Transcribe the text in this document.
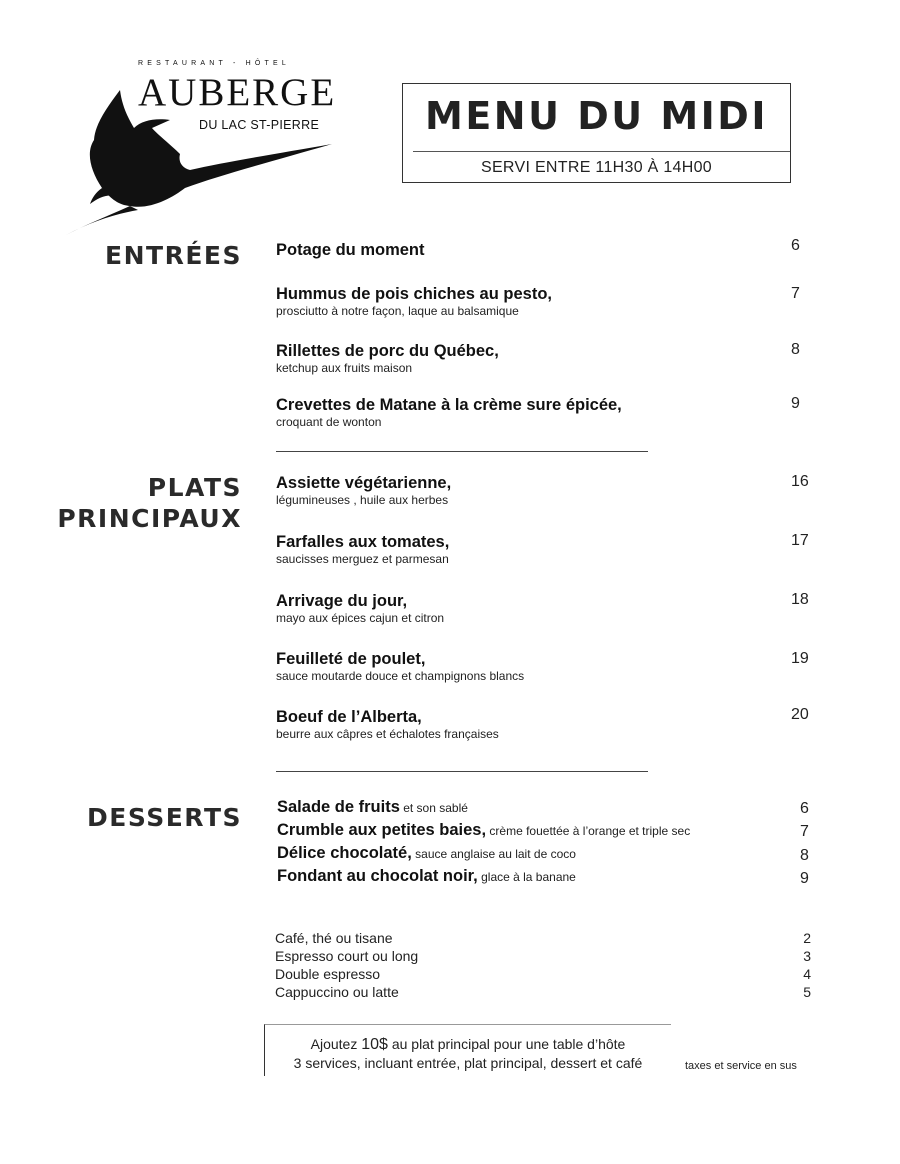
RESTAURANT - HÔTEL
AUBERGE
DU LAC ST-PIERRE	MENU DU MIDI
SERVI ENTRE 11H30 À 14H00
ENTRÉES Potage du moment	6
Hummus de pois chiches au pesto,
prosciutto à notre façon, laque au balsamique
7
Rillettes de porc du Québec,
ketchup aux fruits maison
8
Crevettes de Matane à la crème sure épicée,
croquant de wonton
9
PLATS
PRINCIPAUX
Assiette végétarienne,
légumineuses , huile aux herbes
16
Farfalles aux tomates,
saucisses merguez et parmesan
17
Arrivage du jour,
mayo aux épices cajun et citron
18
Feuilleté de poulet,
sauce moutarde douce et champignons blancs
19
Boeuf de l’Alberta,
beurre aux câpres et échalotes françaises
20
DESSERTS Salade de fruits et son sablé	6
Crumble aux petites baies, crème fouettée à l’orange et triple sec	7
Délice chocolaté, sauce anglaise au lait de coco	8
Fondant au chocolat noir, glace à la banane	9
Café, thé ou tisane	2
Espresso court ou long	3
Double espresso	4
Cappuccino ou latte	5
Ajoutez 10$ au plat principal pour une table d’hôte
3 services, incluant entrée, plat principal, dessert et café	taxes et service en sus
